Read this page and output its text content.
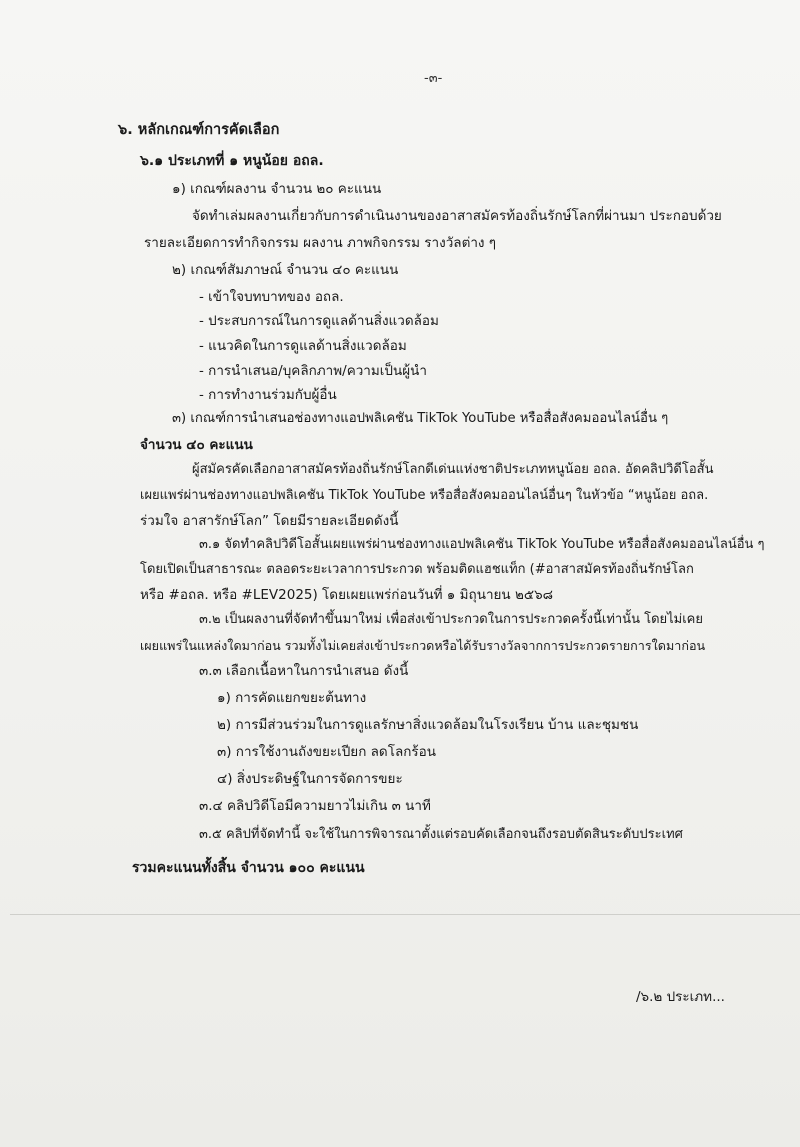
-๓-
๖. หลักเกณฑ์การคัดเลือก
๖.๑ ประเภทที่ ๑ หนูน้อย อถล.
๑) เกณฑ์ผลงาน จำนวน ๒๐ คะแนน
จัดทำเล่มผลงานเกี่ยวกับการดำเนินงานของอาสาสมัครท้องถิ่นรักษ์โลกที่ผ่านมา ประกอบด้วย
รายละเอียดการทำกิจกรรม ผลงาน ภาพกิจกรรม รางวัลต่าง ๆ
๒) เกณฑ์สัมภาษณ์ จำนวน ๔๐ คะแนน
- เข้าใจบทบาทของ อถล.
- ประสบการณ์ในการดูแลด้านสิ่งแวดล้อม
- แนวคิดในการดูแลด้านสิ่งแวดล้อม
- การนำเสนอ/บุคลิกภาพ/ความเป็นผู้นำ
- การทำงานร่วมกับผู้อื่น
๓) เกณฑ์การนำเสนอช่องทางแอปพลิเคชัน TikTok YouTube หรือสื่อสังคมออนไลน์อื่น ๆ
จำนวน ๔๐ คะแนน
ผู้สมัครคัดเลือกอาสาสมัครท้องถิ่นรักษ์โลกดีเด่นแห่งชาติประเภทหนูน้อย อถล. อัดคลิปวิดีโอสั้น
เผยแพร่ผ่านช่องทางแอปพลิเคชัน TikTok YouTube หรือสื่อสังคมออนไลน์อื่นๆ ในหัวข้อ “หนูน้อย อถล.
ร่วมใจ อาสารักษ์โลก” โดยมีรายละเอียดดังนี้
๓.๑ จัดทำคลิปวิดีโอสั้นเผยแพร่ผ่านช่องทางแอปพลิเคชัน TikTok YouTube หรือสื่อสังคมออนไลน์อื่น ๆ
โดยเปิดเป็นสาธารณะ ตลอดระยะเวลาการประกวด พร้อมติดแฮชแท็ก (#อาสาสมัครท้องถิ่นรักษ์โลก
หรือ #อถล. หรือ #LEV2025) โดยเผยแพร่ก่อนวันที่ ๑ มิถุนายน ๒๕๖๘
๓.๒ เป็นผลงานที่จัดทำขึ้นมาใหม่ เพื่อส่งเข้าประกวดในการประกวดครั้งนี้เท่านั้น โดยไม่เคย
เผยแพร่ในแหล่งใดมาก่อน รวมทั้งไม่เคยส่งเข้าประกวดหรือได้รับรางวัลจากการประกวดรายการใดมาก่อน
๓.๓ เลือกเนื้อหาในการนำเสนอ ดังนี้
๑) การคัดแยกขยะต้นทาง
๒) การมีส่วนร่วมในการดูแลรักษาสิ่งแวดล้อมในโรงเรียน บ้าน และชุมชน
๓) การใช้งานถังขยะเปียก ลดโลกร้อน
๔) สิ่งประดิษฐ์ในการจัดการขยะ
๓.๔ คลิปวิดีโอมีความยาวไม่เกิน ๓ นาที
๓.๕ คลิปที่จัดทำนี้ จะใช้ในการพิจารณาตั้งแต่รอบคัดเลือกจนถึงรอบตัดสินระดับประเทศ
รวมคะแนนทั้งสิ้น จำนวน ๑๐๐ คะแนน
/๖.๒ ประเภท...
